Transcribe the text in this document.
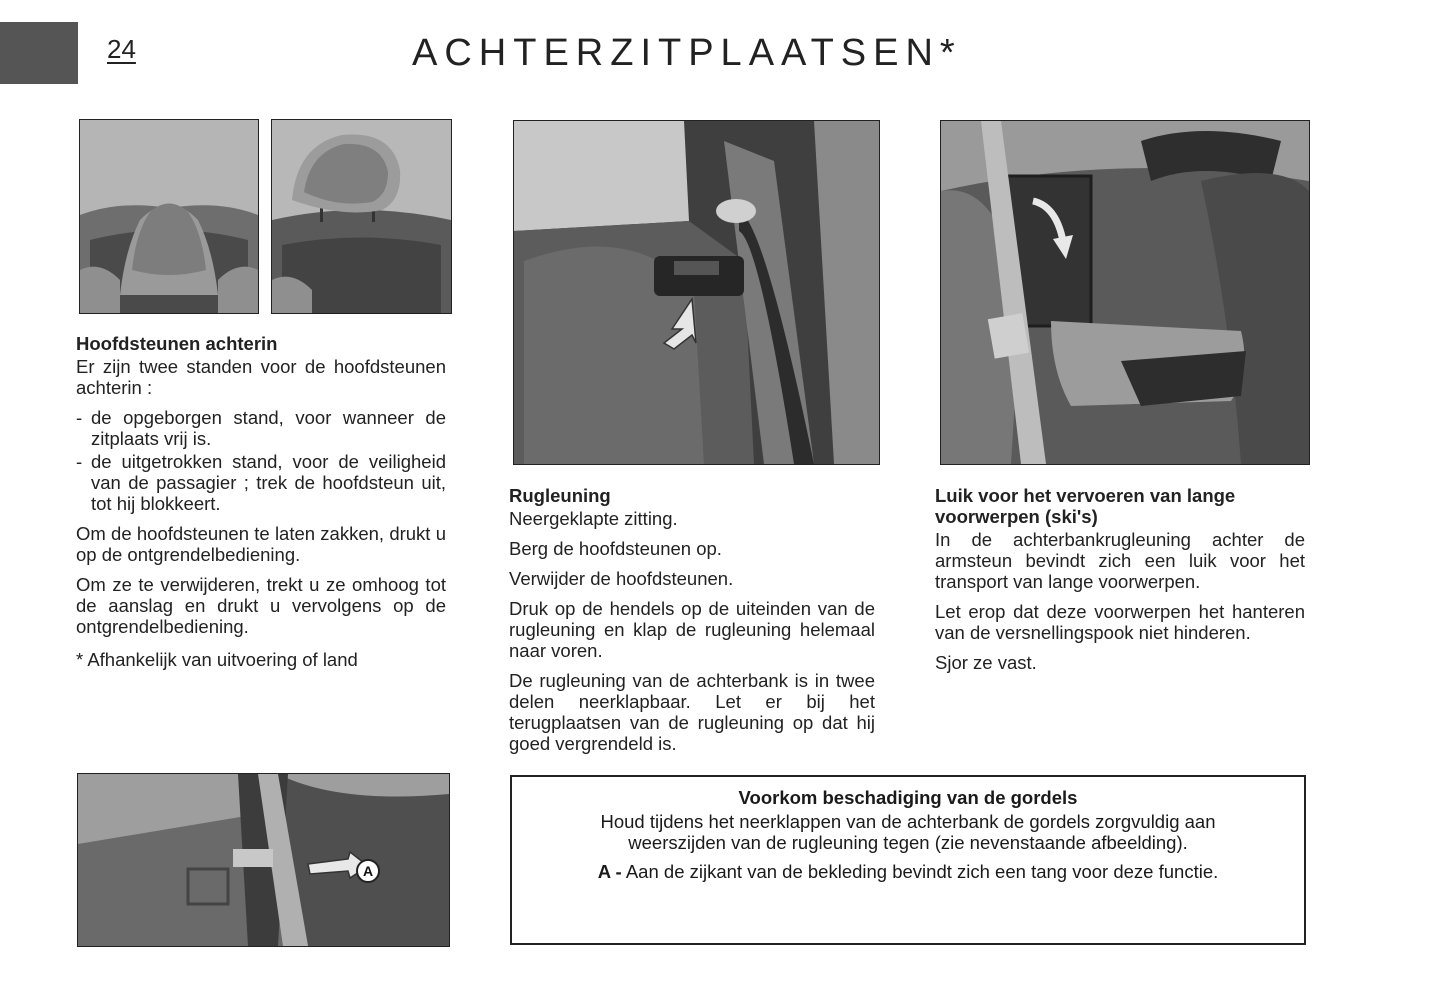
24	ACHTERZITPLAATSEN*
A
Hoofdsteunen achterin

Er zijn twee standen voor de hoofdsteunen achterin :

- de opgeborgen stand, voor wanneer de zitplaats vrij is.
- de uitgetrokken stand, voor de veiligheid van de passagier ; trek de hoofdsteun uit, tot hij blokkeert.

Om de hoofdsteunen te laten zakken, drukt u op de ontgrendelbediening.

Om ze te verwijderen, trekt u ze omhoog tot de aanslag en drukt u vervolgens op de ontgrendelbediening.

* Afhankelijk van uitvoering of land

Rugleuning

Neergeklapte zitting.

Berg de hoofdsteunen op.

Verwijder de hoofdsteunen.

Druk op de hendels op de uiteinden van de rugleuning en klap de rugleuning helemaal naar voren.

De rugleuning van de achterbank is in twee delen neerklapbaar. Let er bij het terugplaatsen van de rugleuning op dat hij goed vergrendeld is.

Luik voor het vervoeren van lange voorwerpen (ski's)

In de achterbankrugleuning achter de armsteun bevindt zich een luik voor het transport van lange voorwerpen.

Let erop dat deze voorwerpen het hanteren van de versnellingspook niet hinderen.

Sjor ze vast.

Voorkom beschadiging van de gordels

Houd tijdens het neerklappen van de achterbank de gordels zorgvuldig aan weerszijden van de rugleuning tegen (zie nevenstaande afbeelding).

A - Aan de zijkant van de bekleding bevindt zich een tang voor deze functie.
